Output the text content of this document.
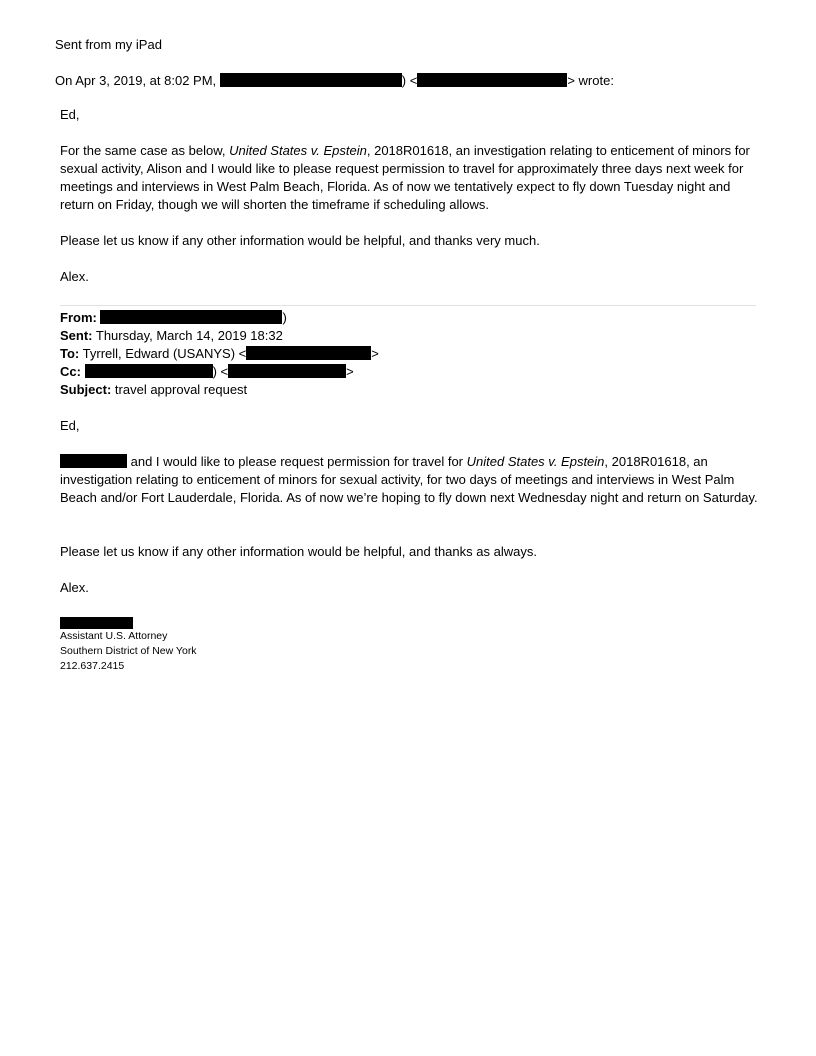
Sent from my iPad
On Apr 3, 2019, at 8:02 PM,	) <	> wrote:
Ed,
For the same case as below, United States v. Epstein, 2018R01618, an investigation relating to enticement of minors for sexual activity, Alison and I would like to please request permission to travel for approximately three days next week for meetings and interviews in West Palm Beach, Florida. As of now we tentatively expect to fly down Tuesday night and return on Friday, though we will shorten the timeframe if scheduling allows.
Please let us know if any other information would be helpful, and thanks very much.
Alex.
From:	)
Sent: Thursday, March 14, 2019 18:32
To: Tyrrell, Edward (USANYS) <	>
Cc:	) <	>
Subject: travel approval request
Ed,
and I would like to please request permission for travel for United States v. Epstein, 2018R01618, an investigation relating to enticement of minors for sexual activity, for two days of meetings and interviews in West Palm Beach and/or Fort Lauderdale, Florida. As of now we’re hoping to fly down next Wednesday night and return on Saturday.
Please let us know if any other information would be helpful, and thanks as always.
Alex.
Assistant U.S. Attorney
Southern District of New York
212.637.2415
